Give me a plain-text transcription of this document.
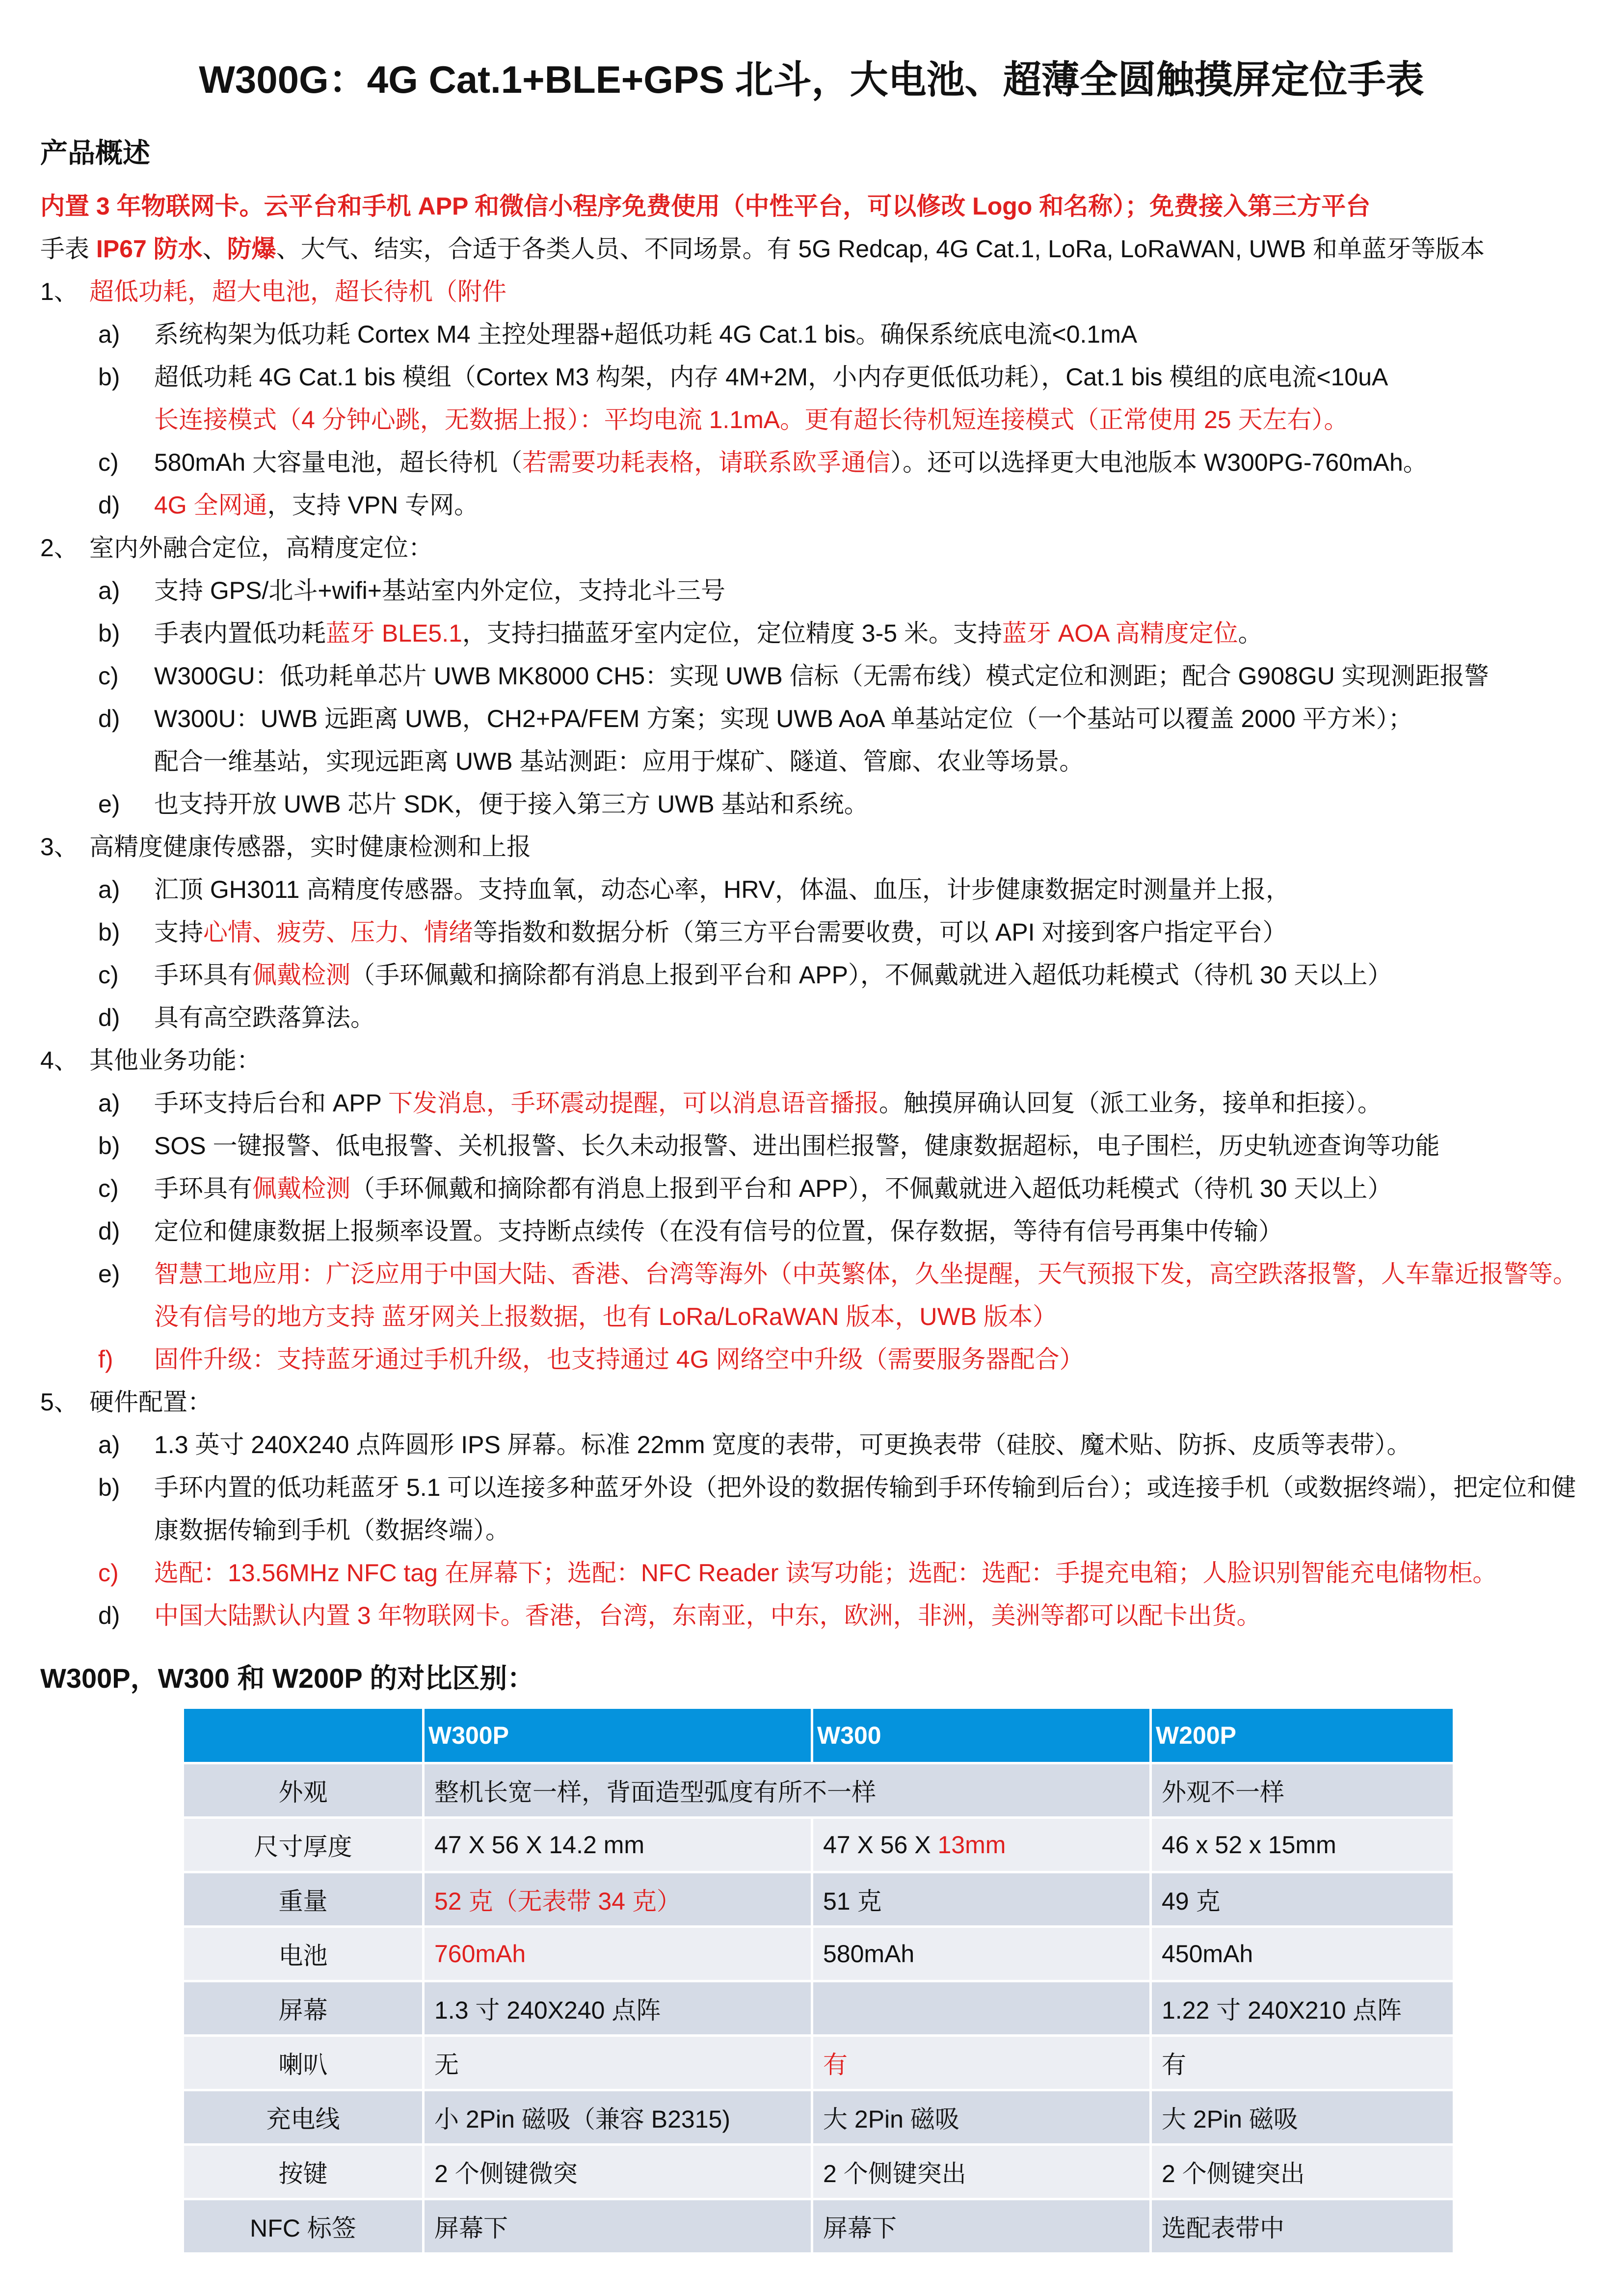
W300G：4G Cat.1+BLE+GPS 北斗，大电池、超薄全圆触摸屏定位手表
产品概述
内置 3 年物联网卡。云平台和手机 APP 和微信小程序免费使用（中性平台，可以修改 Logo 和名称）；免费接入第三方平台
手表 IP67 防水、防爆、大气、结实，合适于各类人员、不同场景。有 5G Redcap, 4G Cat.1, LoRa, LoRaWAN, UWB 和单蓝牙等版本
1、 超低功耗，超大电池，超长待机（附件
a) 系统构架为低功耗 Cortex M4 主控处理器+超低功耗 4G Cat.1 bis。确保系统底电流<0.1mA
b) 超低功耗 4G Cat.1 bis 模组（Cortex M3 构架，内存 4M+2M，小内存更低低功耗），Cat.1 bis 模组的底电流<10uA
长连接模式（4 分钟心跳，无数据上报）：平均电流 1.1mA。更有超长待机短连接模式（正常使用 25 天左右）。
c) 580mAh 大容量电池，超长待机（若需要功耗表格，请联系欧孚通信）。还可以选择更大电池版本 W300PG-760mAh。
d) 4G 全网通，支持 VPN 专网。
2、 室内外融合定位，高精度定位：
a) 支持 GPS/北斗+wifi+基站室内外定位，支持北斗三号
b) 手表内置低功耗蓝牙 BLE5.1，支持扫描蓝牙室内定位，定位精度 3-5 米。支持蓝牙 AOA 高精度定位。
c) W300GU：低功耗单芯片 UWB MK8000 CH5：实现 UWB 信标（无需布线）模式定位和测距；配合 G908GU 实现测距报警
d) W300U：UWB 远距离 UWB，CH2+PA/FEM 方案；实现 UWB AoA 单基站定位（一个基站可以覆盖 2000 平方米）；
配合一维基站，实现远距离 UWB 基站测距：应用于煤矿、隧道、管廊、农业等场景。
e) 也支持开放 UWB 芯片 SDK，便于接入第三方 UWB 基站和系统。
3、 高精度健康传感器，实时健康检测和上报
a) 汇顶 GH3011 高精度传感器。支持血氧，动态心率，HRV，体温、血压，计步健康数据定时测量并上报，
b) 支持心情、疲劳、压力、情绪等指数和数据分析（第三方平台需要收费，可以 API 对接到客户指定平台）
c) 手环具有佩戴检测（手环佩戴和摘除都有消息上报到平台和 APP），不佩戴就进入超低功耗模式（待机 30 天以上）
d) 具有高空跌落算法。
4、 其他业务功能：
a) 手环支持后台和 APP 下发消息，手环震动提醒，可以消息语音播报。触摸屏确认回复（派工业务，接单和拒接）。
b) SOS 一键报警、低电报警、关机报警、长久未动报警、进出围栏报警，健康数据超标，电子围栏，历史轨迹查询等功能
c) 手环具有佩戴检测（手环佩戴和摘除都有消息上报到平台和 APP），不佩戴就进入超低功耗模式（待机 30 天以上）
d) 定位和健康数据上报频率设置。支持断点续传（在没有信号的位置，保存数据，等待有信号再集中传输）
e) 智慧工地应用：广泛应用于中国大陆、香港、台湾等海外（中英繁体，久坐提醒，天气预报下发，高空跌落报警，人车靠近报警等。
没有信号的地方支持 蓝牙网关上报数据，也有 LoRa/LoRaWAN 版本，UWB 版本）
f) 固件升级：支持蓝牙通过手机升级，也支持通过 4G 网络空中升级（需要服务器配合）
5、 硬件配置：
a) 1.3 英寸 240X240 点阵圆形 IPS 屏幕。标准 22mm 宽度的表带，可更换表带（硅胶、魔术贴、防拆、皮质等表带）。
b) 手环内置的低功耗蓝牙 5.1 可以连接多种蓝牙外设（把外设的数据传输到手环传输到后台）；或连接手机（或数据终端），把定位和健
康数据传输到手机（数据终端）。
c) 选配：13.56MHz NFC tag 在屏幕下；选配：NFC Reader 读写功能；选配：选配：手提充电箱；人脸识别智能充电储物柜。
d) 中国大陆默认内置 3 年物联网卡。香港，台湾，东南亚，中东，欧洲，非洲，美洲等都可以配卡出货。
W300P，W300 和 W200P 的对比区别：
	W300P	W300	W200P
外观	整机长宽一样，背面造型弧度有所不一样		外观不一样
尺寸厚度	47 X 56 X 14.2 mm	47 X 56 X 13mm	46 x 52 x 15mm
重量	52 克（无表带 34 克）	51 克	49 克
电池	760mAh	580mAh	450mAh
屏幕	1.3 寸 240X240 点阵		1.22 寸 240X210 点阵
喇叭	无	有	有
充电线	小 2Pin 磁吸（兼容 B2315)	大 2Pin 磁吸	大 2Pin 磁吸
按键	2 个侧键微突	2 个侧键突出	2 个侧键突出
NFC 标签	屏幕下	屏幕下	选配表带中
